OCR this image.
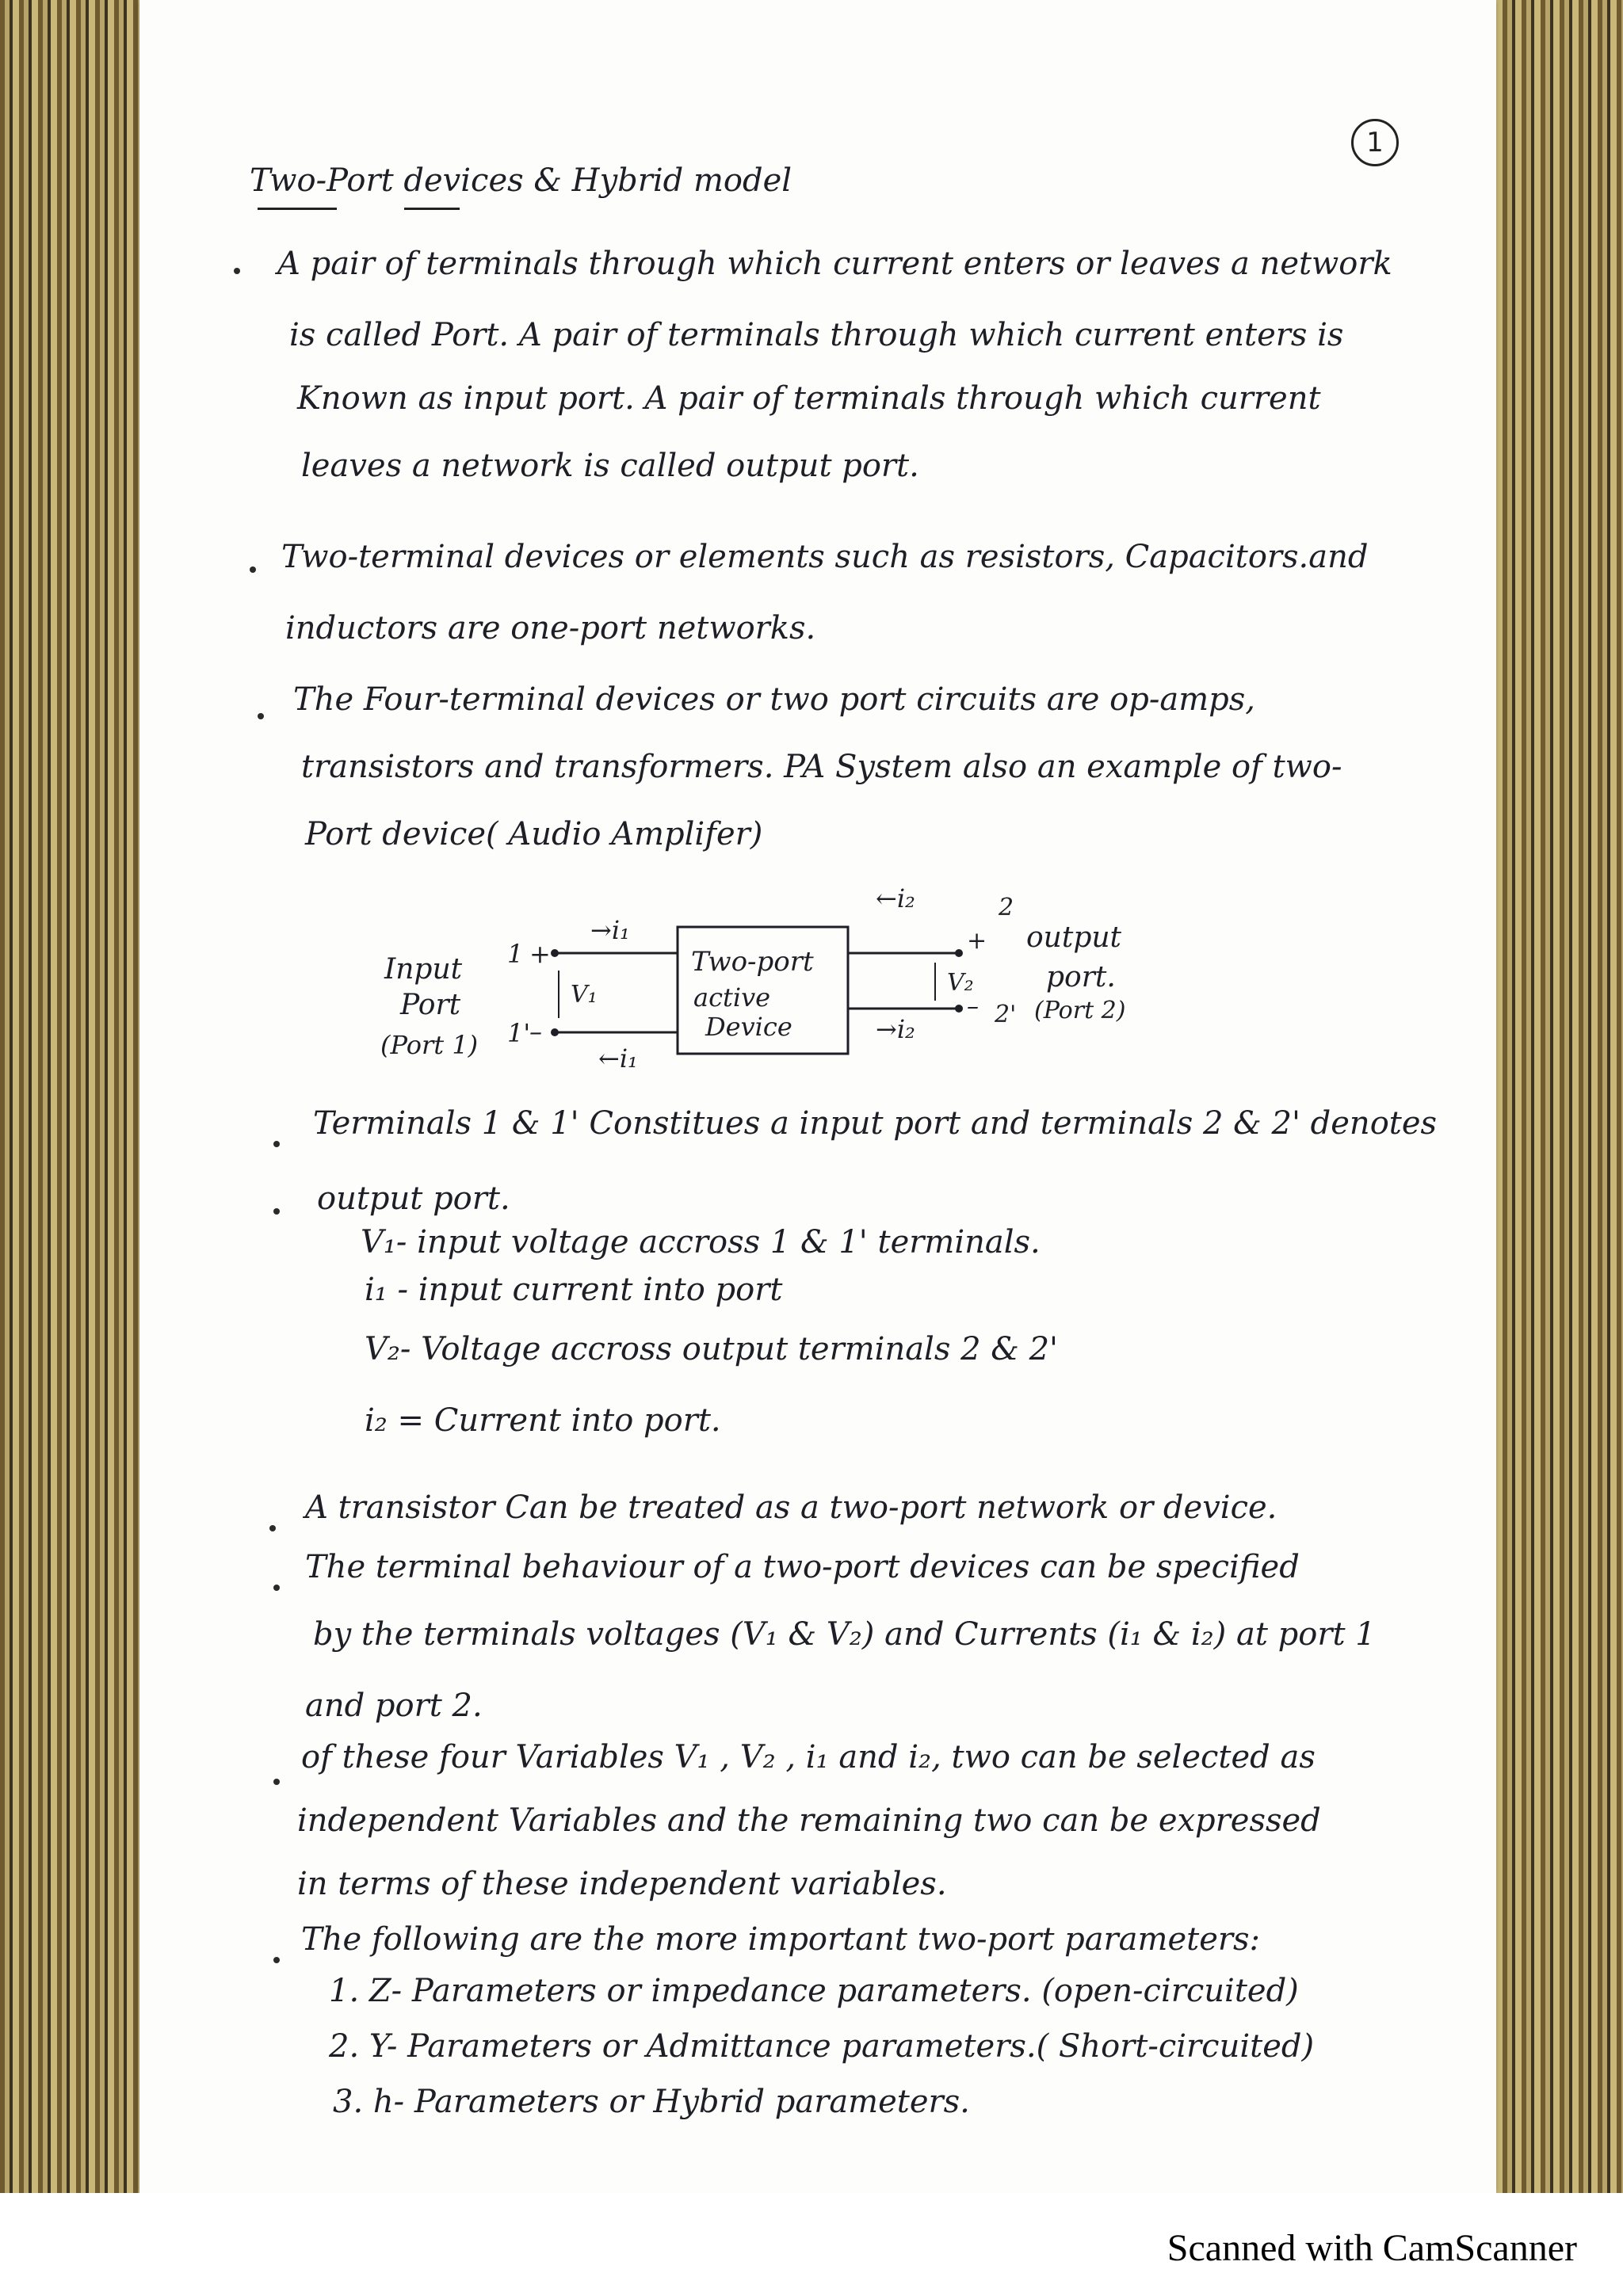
1
Two-Port devices & Hybrid model
A pair of terminals through which current enters or leaves a network
is called Port. A pair of terminals through which current enters is
Known as input port. A pair of terminals through which current
leaves a network is called output port.
Two-terminal devices or elements such as resistors, Capacitors.and
inductors are one-port networks.
The Four-terminal devices or two port circuits are op-amps,
transistors and transformers. PA System also an example of two-
Port device( Audio Amplifer)
Input
Port
(Port 1)
1 +
1'
–
V₁
→i₁
←i₁
Two-port
active
Device
←i₂
→i₂
+
–
V₂
2
2'
output
port.
(Port 2)
Terminals 1 & 1' Constitues a input port and terminals 2 & 2' denotes
output port.
V₁- input voltage accross 1 & 1' terminals.
i₁ - input current into port
V₂- Voltage accross output terminals 2 & 2'
i₂ = Current into port.
A transistor Can be treated as a two-port network or device.
The terminal behaviour of a two-port devices can be specified
by the terminals voltages (V₁ & V₂) and Currents (i₁ & i₂) at port 1
and port 2.
of these four Variables V₁ , V₂ , i₁ and i₂, two can be selected as
independent Variables and the remaining two can be expressed
in terms of these independent variables.
The following are the more important two-port parameters:
1. Z- Parameters or impedance parameters. (open-circuited)
2. Y- Parameters or Admittance parameters.( Short-circuited)
3. h- Parameters or Hybrid parameters.
Scanned with CamScanner
